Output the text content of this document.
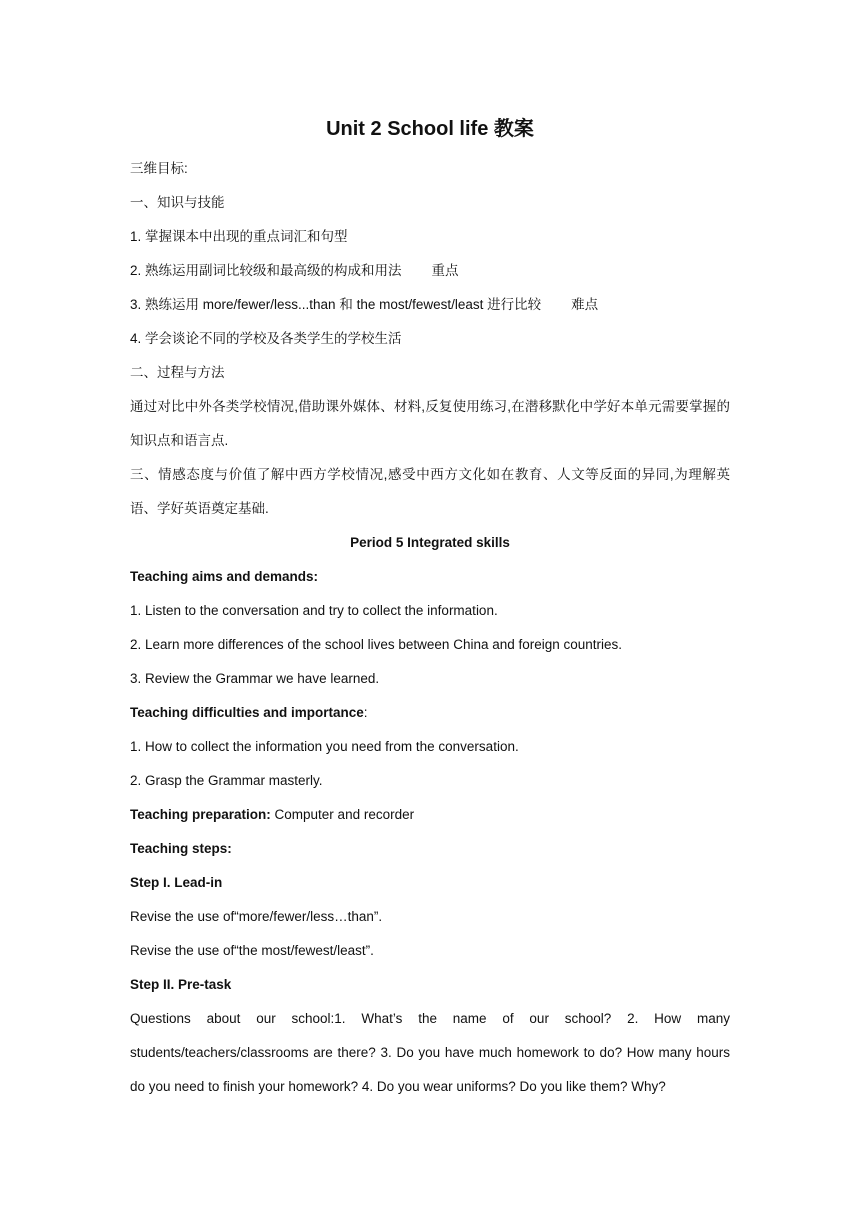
Unit 2 School life 教案

三维目标:

一、知识与技能

1. 掌握课本中出现的重点词汇和句型

2. 熟练运用副词比较级和最高级的构成和用法 重点

3. 熟练运用 more/fewer/less...than 和 the most/fewest/least 进行比较 难点

4. 学会谈论不同的学校及各类学生的学校生活

二、过程与方法

通过对比中外各类学校情况,借助课外媒体、材料,反复使用练习,在潜移默化中学好本单元需要掌握的知识点和语言点.

三、情感态度与价值了解中西方学校情况,感受中西方文化如在教育、人文等反面的异同,为理解英语、学好英语奠定基础.

Period 5 Integrated skills

Teaching aims and demands:

1. Listen to the conversation and try to collect the information.

2. Learn more differences of the school lives between China and foreign countries.

3. Review the Grammar we have learned.

Teaching difficulties and importance:

1. How to collect the information you need from the conversation.

2. Grasp the Grammar masterly.

Teaching preparation: Computer and recorder

Teaching steps:

Step I. Lead-in

Revise the use of“more/fewer/less…than”.

Revise the use of“the most/fewest/least”.

Step II. Pre-task

Questions about our school:1. What’s the name of our school? 2. How many students/teachers/classrooms are there? 3. Do you have much homework to do? How many hours do you need to finish your homework? 4. Do you wear uniforms? Do you like them? Why?
